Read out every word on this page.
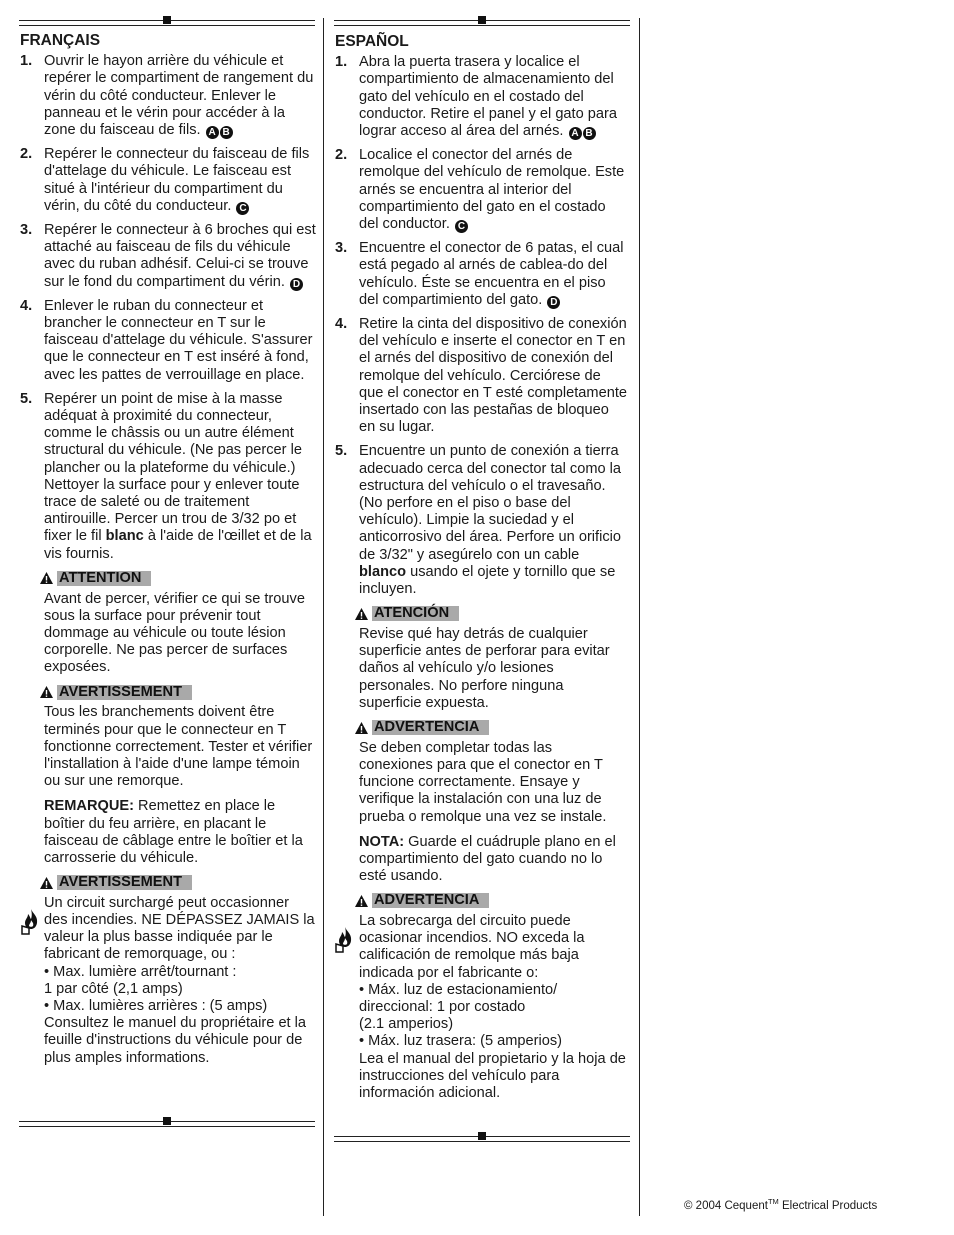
FRANÇAIS
1. Ouvrir le hayon arrière du véhicule et repérer le compartiment de rangement du vérin du côté conducteur. Enlever le panneau et le vérin pour accéder à la zone du faisceau de fils. A B
2. Repérer le connecteur du faisceau de fils d'attelage du véhicule. Le faisceau est situé à l'intérieur du compartiment du vérin, du côté du conducteur. C
3. Repérer le connecteur à 6 broches qui est attaché au faisceau de fils du véhicule avec du ruban adhésif. Celui-ci se trouve sur le fond du compartiment du vérin. D
4. Enlever le ruban du connecteur et brancher le connecteur en T sur le faisceau d'attelage du véhicule. S'assurer que le connecteur en T est inséré à fond, avec les pattes de verrouillage en place.
5. Repérer un point de mise à la masse adéquat à proximité du connecteur, comme le châssis ou un autre élément structural du véhicule. (Ne pas percer le plancher ou la plateforme du véhicule.) Nettoyer la surface pour y enlever toute trace de saleté ou de traitement antirouille. Percer un trou de 3/32 po et fixer le fil blanc à l'aide de l'œillet et de la vis fournis.
ATTENTION
Avant de percer, vérifier ce qui se trouve sous la surface pour prévenir tout dommage au véhicule ou toute lésion corporelle. Ne pas percer de surfaces exposées.
AVERTISSEMENT
Tous les branchements doivent être terminés pour que le connecteur en T fonctionne correctement. Tester et vérifier l'installation à l'aide d'une lampe témoin ou sur une remorque.
REMARQUE: Remettez en place le boîtier du feu arrière, en placant le faisceau de câblage entre le boîtier et la carrosserie du véhicule.
AVERTISSEMENT
Un circuit surchargé peut occasionner des incendies. NE DÉPASSEZ JAMAIS la valeur la plus basse indiquée par le fabricant de remorquage, ou :
• Max. lumière arrêt/tournant :
1 par côté (2,1 amps)
• Max. lumières arrières : (5 amps)
Consultez le manuel du propriétaire et la feuille d'instructions du véhicule pour de plus amples informations.
ESPAÑOL
1. Abra la puerta trasera y localice el compartimiento de almacenamiento del gato del vehículo en el costado del conductor. Retire el panel y el gato para lograr acceso al área del arnés. A B
2. Localice el conector del arnés de remolque del vehículo de remolque. Este arnés se encuentra al interior del compartimiento del gato en el costado del conductor. C
3. Encuentre el conector de 6 patas, el cual está pegado al arnés de cablea-do del vehículo. Éste se encuentra en el piso del compartimiento del gato. D
4. Retire la cinta del dispositivo de conexión del vehículo e inserte el conector en T en el arnés del dispositivo de conexión del remolque del vehículo. Cerciórese de que el conector en T esté completamente insertado con las pestañas de bloqueo en su lugar.
5. Encuentre un punto de conexión a tierra adecuado cerca del conector tal como la estructura del vehículo o el travesaño. (No perfore en el piso o base del vehículo). Limpie la suciedad y el anticorrosivo del área. Perfore un orificio de 3/32" y asegúrelo con un cable blanco usando el ojete y tornillo que se incluyen.
ATENCIÓN
Revise qué hay detrás de cualquier superficie antes de perforar para evitar daños al vehículo y/o lesiones personales. No perfore ninguna superficie expuesta.
ADVERTENCIA
Se deben completar todas las conexiones para que el conector en T funcione correctamente. Ensaye y verifique la instalación con una luz de prueba o remolque una vez se instale.
NOTA: Guarde el cuádruple plano en el compartimiento del gato cuando no lo esté usando.
ADVERTENCIA
La sobrecarga del circuito puede ocasionar incendios. NO exceda la calificación de remolque más baja indicada por el fabricante o:
• Máx. luz de estacionamiento/
direccional: 1 por costado
(2.1 amperios)
• Máx. luz trasera: (5 amperios)
Lea el manual del propietario y la hoja de instrucciones del vehículo para información adicional.
© 2004 Cequent™ Electrical Products
